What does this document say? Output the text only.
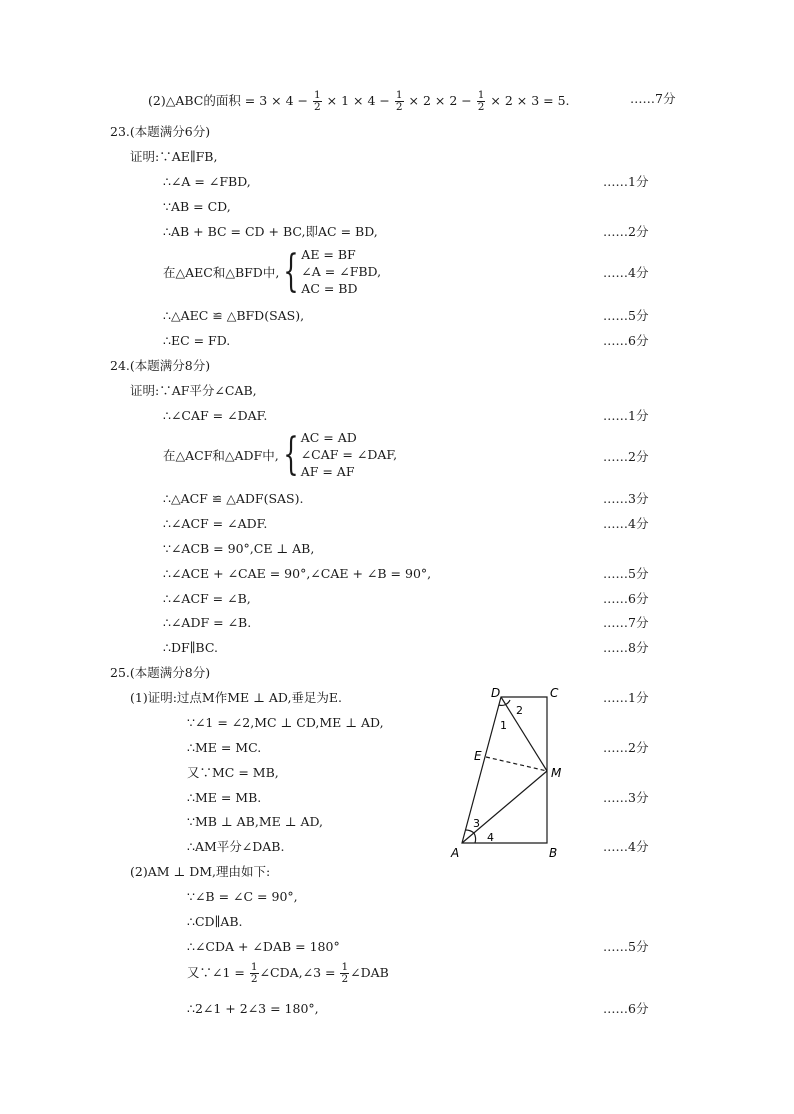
(2)△ABC的面积 = $3 \times 4 - \frac{1}{2} \times 1 \times 4 - \frac{1}{2} \times 2 \times 2 - \frac{1}{2} \times 2 \times 3 = 5$.	……7分
23.(本题满分6分)
证明:∵AE∥FB,
∴∠A = ∠FBD,	……1分
∵AB = CD,
∴AB + BC = CD + BC,即AC = BD,	……2分
在△AEC和△BFD中, { AE = BF
∠A = ∠FBD,
AC = BD
……4分
∴△AEC ≌ △BFD(SAS),	……5分
∴EC = FD.	……6分
24.(本题满分8分)
证明:∵AF平分∠CAB,
∴∠CAF = ∠DAF.	……1分
在△ACF和△ADF中, { AC = AD
∠CAF = ∠DAF,
AF = AF
……2分
∴△ACF ≌ △ADF(SAS).	……3分
∴∠ACF = ∠ADF.	……4分
∵∠ACB = 90°,CE ⊥ AB,
∴∠ACE + ∠CAE = 90°,∠CAE + ∠B = 90°,	……5分
∴∠ACF = ∠B,	……6分
∴∠ADF = ∠B.	……7分
∴DF∥BC.	……8分
25.(本题满分8分)
(1)证明:过点M作ME ⊥ AD,垂足为E.	……1分
∵∠1 = ∠2,MC ⊥ CD,ME ⊥ AD,
∴ME = MC.	……2分
又∵MC = MB,
∴ME = MB.	……3分
∵MB ⊥ AB,ME ⊥ AD,
∴AM平分∠DAB.	……4分
D	C
E
M
A	B
1
2
3
4
(2)AM ⊥ DM,理由如下:
∵∠B = ∠C = 90°,
∴CD∥AB.
∴∠CDA + ∠DAB = 180°	……5分
又∵∠1 = $\frac{1}{2}$ ∠CDA,∠3 = $\frac{1}{2}$ ∠DAB
∴2∠1 + 2∠3 = 180°,	……6分
